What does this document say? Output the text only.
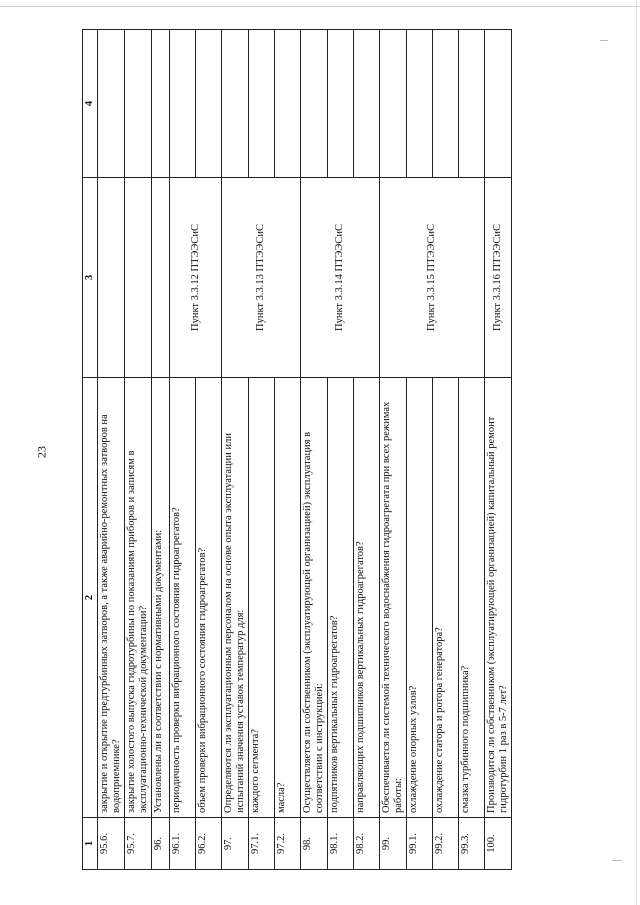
23
1	2	3	4
95.6.	закрытие и открытие предтурбинных затворов, а также аварийно-ремонтных затворов на водоприемнике?		
95.7.	закрытие холостого выпуска гидротурбины по показаниям приборов и записям в эксплуатационно-технической документации?		
96.	Установлены ли в соответствии с нормативными документами:		
96.1.	периодичность проверки вибрационного состояния гидроагрегатов?	Пункт 3.3.12 ПТЭЭСиС	
96.2.	объем проверки вибрационного состояния гидроагрегатов?		
97.	Определяются ли эксплуатационным персоналом на основе опыта эксплуатации или испытаний значения уставок температур для:	Пункт 3.3.13 ПТЭЭСиС	
97.1.	каждого сегмента?		
97.2.	масла?		
98.	Осуществляется ли собственником (эксплуатирующей организацией) эксплуатация в соответствии с инструкцией:	Пункт 3.3.14 ПТЭЭСиС	
98.1.	подпятников вертикальных гидроагрегатов?		
98.2.	направляющих подшипников вертикальных гидроагрегатов?		
99.	Обеспечивается ли системой технического водоснабжения гидроагрегата при всех режимах работы:	Пункт 3.3.15 ПТЭЭСиС	
99.1.	охлаждение опорных узлов?		
99.2.	охлаждение статора и ротора генератора?		
99.3.	смазка турбинного подшипника?		
100.	Производится ли собственником (эксплуатирующей организацией) капитальный ремонт гидротурбин 1 раз в 5-7 лет?	Пункт 3.3.16 ПТЭЭСиС	
